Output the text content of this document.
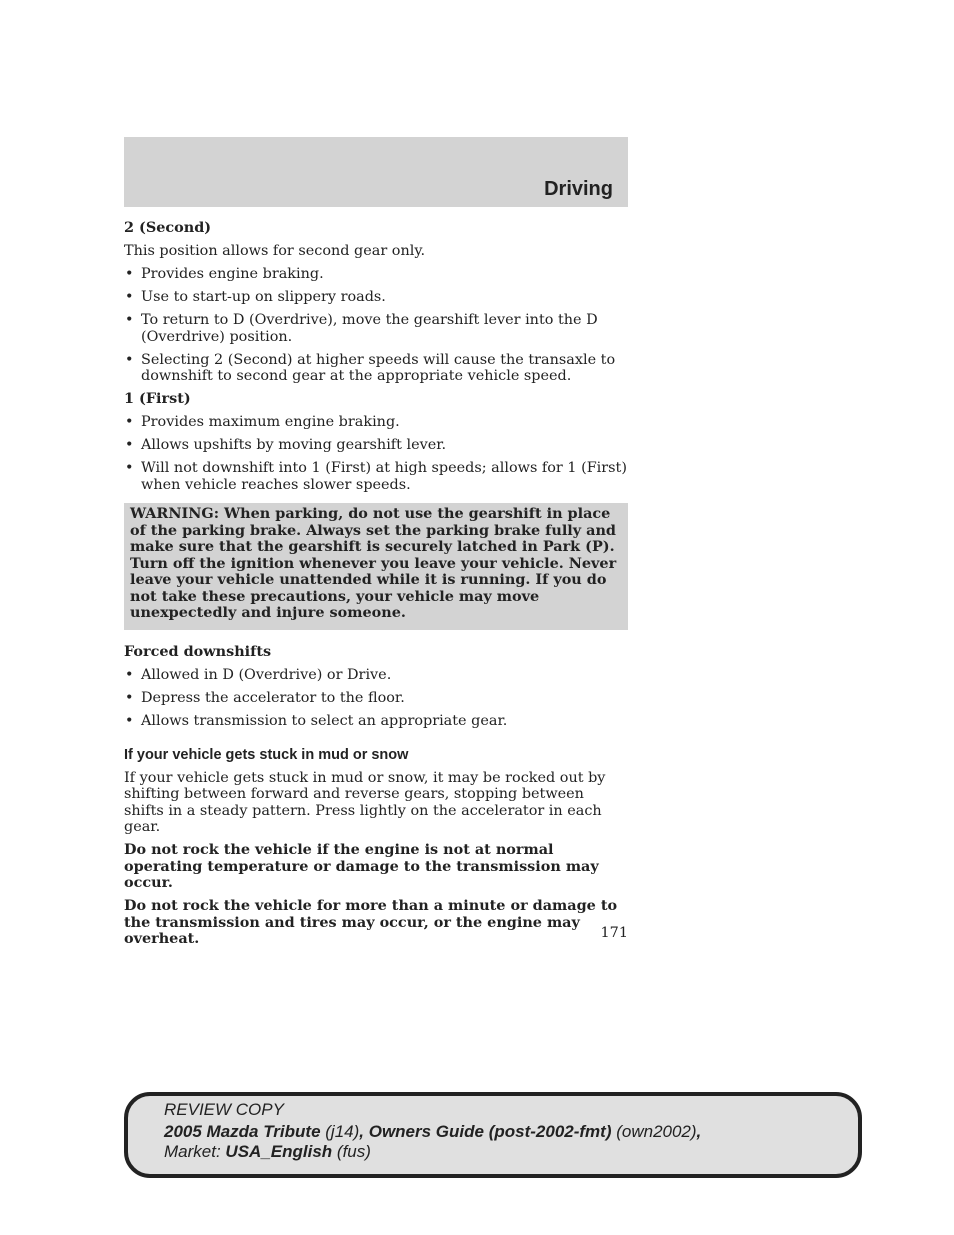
Driving

2 (Second)

This position allows for second gear only.

• Provides engine braking.
• Use to start-up on slippery roads.
• To return to D (Overdrive), move the gearshift lever into the D (Overdrive) position.
• Selecting 2 (Second) at higher speeds will cause the transaxle to downshift to second gear at the appropriate vehicle speed.

1 (First)

• Provides maximum engine braking.
• Allows upshifts by moving gearshift lever.
• Will not downshift into 1 (First) at high speeds; allows for 1 (First) when vehicle reaches slower speeds.
WARNING: When parking, do not use the gearshift in place of the parking brake. Always set the parking brake fully and make sure that the gearshift is securely latched in Park (P). Turn off the ignition whenever you leave your vehicle. Never leave your vehicle unattended while it is running. If you do not take these precautions, your vehicle may move unexpectedly and injure someone.

Forced downshifts

• Allowed in D (Overdrive) or Drive.
• Depress the accelerator to the floor.
• Allows transmission to select an appropriate gear.

If your vehicle gets stuck in mud or snow

If your vehicle gets stuck in mud or snow, it may be rocked out by shifting between forward and reverse gears, stopping between shifts in a steady pattern. Press lightly on the accelerator in each gear.

Do not rock the vehicle if the engine is not at normal operating temperature or damage to the transmission may occur.

Do not rock the vehicle for more than a minute or damage to the transmission and tires may occur, or the engine may overheat.	171
REVIEW COPY
2005 Mazda Tribute (j14), Owners Guide (post-2002-fmt) (own2002),
Market: USA_English (fus)
